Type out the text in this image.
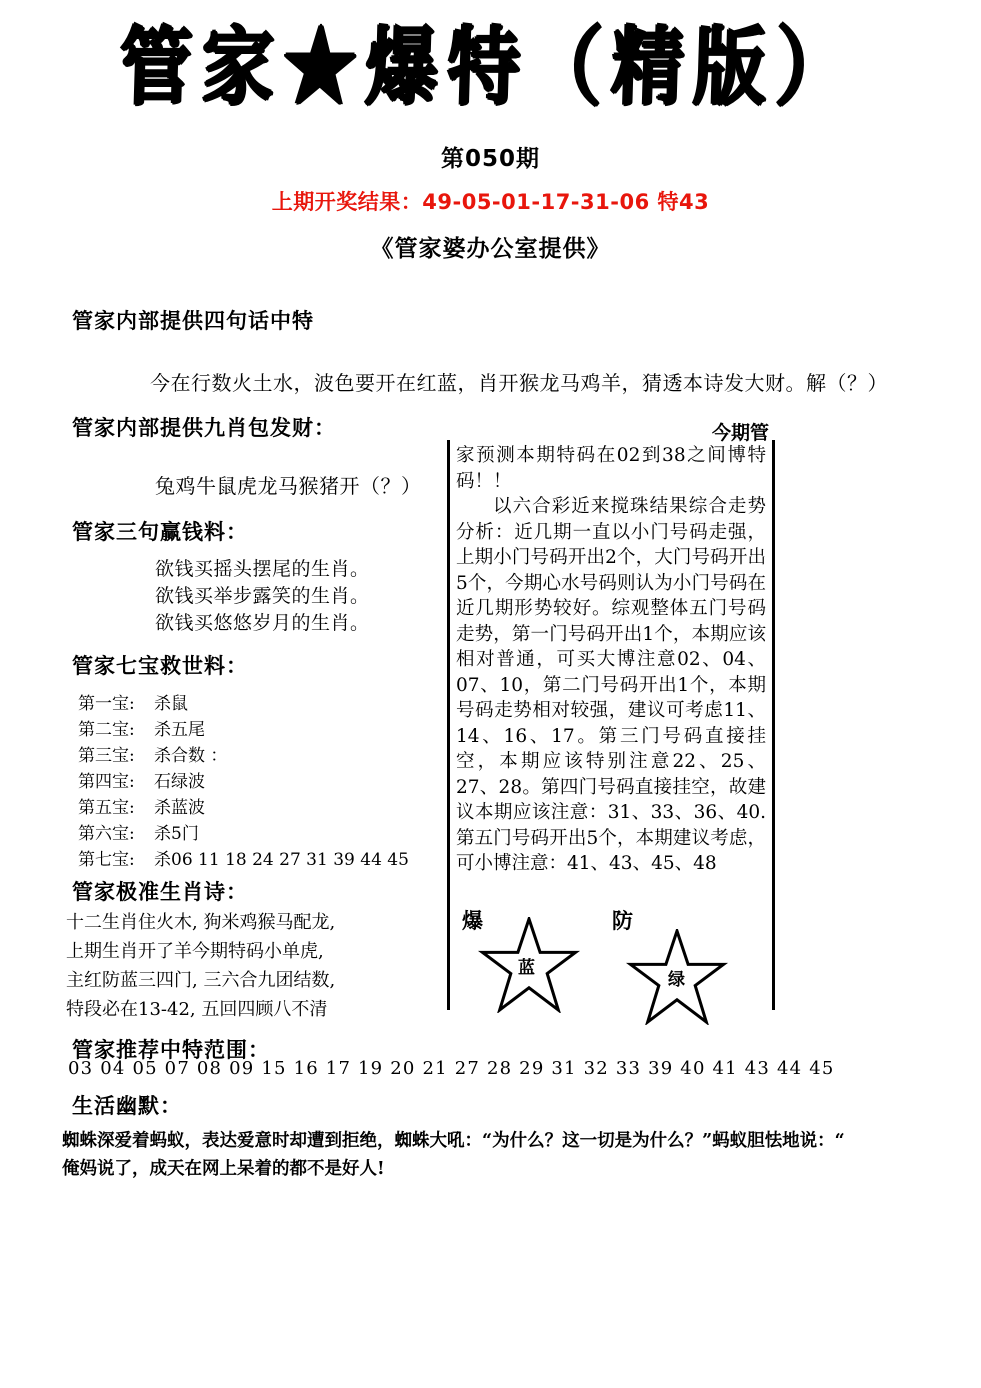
管家★爆特（精版）
第050期
上期开奖结果：49-05-01-17-31-06 特43
《管家婆办公室提供》
管家内部提供四句话中特
今在行数火土水，波色要开在红蓝，肖开猴龙马鸡羊，猜透本诗发大财。解（？）
管家内部提供九肖包发财：
兔鸡牛鼠虎龙马猴猪开（？）
管家三句赢钱料：
欲钱买摇头摆尾的生肖。
欲钱买举步露笑的生肖。
欲钱买悠悠岁月的生肖。
管家七宝救世料：
第一宝: 杀鼠
第二宝: 杀五尾
第三宝: 杀合数 ：
第四宝: 石绿波
第五宝: 杀蓝波
第六宝: 杀5门
第七宝: 杀06 11 18 24 27 31 39 44 45
管家极准生肖诗：
十二生肖住火木, 狗米鸡猴马配龙,
上期生肖开了羊今期特码小单虎,
主红防蓝三四门, 三六合九团结数,
特段必在13-42, 五回四顾八不清
管家推荐中特范围：
03 04 05 07 08 09 15 16 17 19 20 21 27 28 29 31 32 33 39 40 41 43 44 45
生活幽默：
蜘蛛深爱着蚂蚁，表达爱意时却遭到拒绝，蜘蛛大吼：“为什么？这一切是为什么？”蚂蚁胆怯地说：“
俺妈说了，成天在网上呆着的都不是好人!
今期管

家预测本期特码在02到38之间博特码！！

以六合彩近来搅珠结果综合走势分析：近几期一直以小门号码走强，上期小门号码开出2个，大门号码开出5个，今期心水号码则认为小门号码在近几期形势较好。综观整体五门号码走势，第一门号码开出1个，本期应该相对普通，可买大博注意02、04、07、10，第二门号码开出1个，本期号码走势相对较强，建议可考虑11、14、16、17。第三门号码直接挂空，本期应该特别注意22、25、27、28。第四门号码直接挂空，故建议本期应该注意：31、33、36、40. 第五门号码开出5个，本期建议考虑，可小博注意：41、43、45、48

爆	防
蓝
绿
